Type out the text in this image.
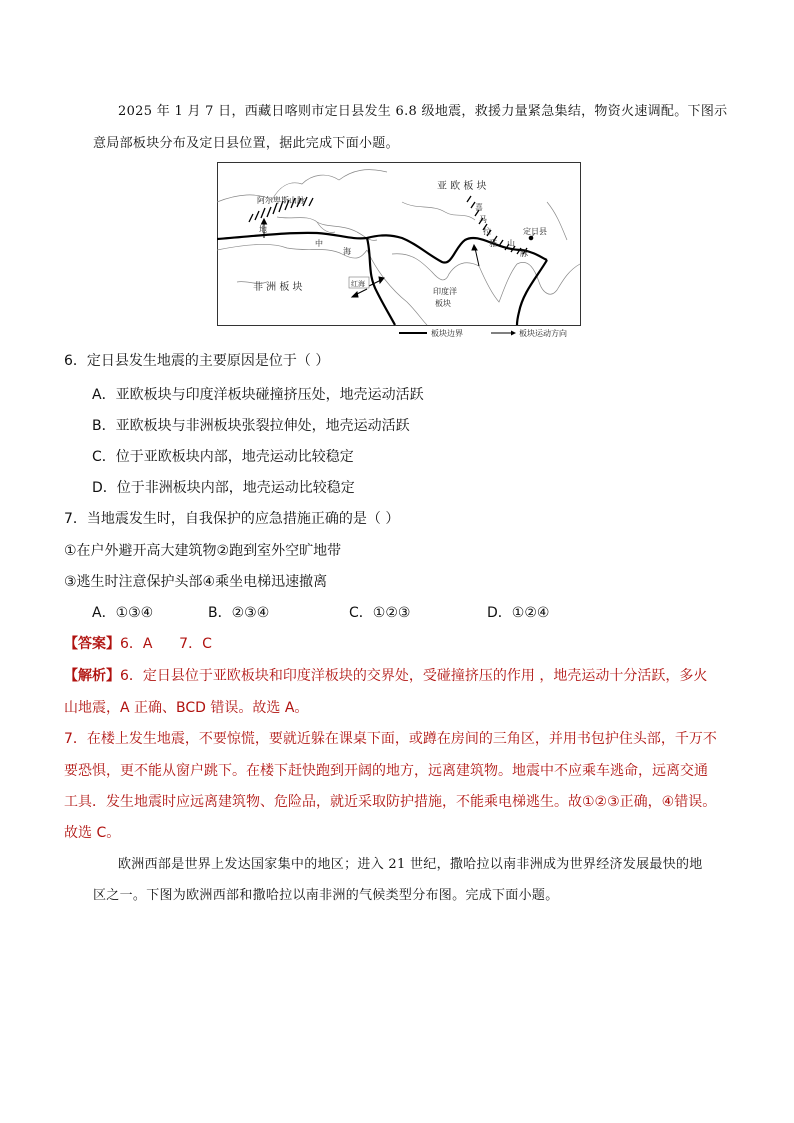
2025 年 1 月 7 日，西藏日喀则市定日县发生 6.8 级地震，救援力量紧急集结，物资火速调配。下图示
意局部板块分布及定日县位置，据此完成下面小题。
亚 欧 板 块
阿尔卑斯山脉
地
中
海
非 洲 板 块	红海
印度洋
板块
喜
马
拉
雅 山
脉
定日县
板块边界	板块运动方向
6．定日县发生地震的主要原因是位于（ ）
A．亚欧板块与印度洋板块碰撞挤压处，地壳运动活跃
B．亚欧板块与非洲板块张裂拉伸处，地壳运动活跃
C．位于亚欧板块内部，地壳运动比较稳定
D．位于非洲板块内部，地壳运动比较稳定
7．当地震发生时，自我保护的应急措施正确的是（ ）
①在户外避开高大建筑物②跑到室外空旷地带
③逃生时注意保护头部④乘坐电梯迅速撤离
A．①③④	B．②③④	C．①②③	D．①②④
【答案】6．A      7．C
【解析】6．定日县位于亚欧板块和印度洋板块的交界处，受碰撞挤压的作用 ，地壳运动十分活跃，多火
山地震，A 正确、BCD 错误。故选 A。
7．在楼上发生地震，不要惊慌，要就近躲在课桌下面，或蹲在房间的三角区，并用书包护住头部，千万不
要恐惧，更不能从窗户跳下。在楼下赶快跑到开阔的地方，远离建筑物。地震中不应乘车逃命，远离交通
工具．发生地震时应远离建筑物、危险品，就近采取防护措施，不能乘电梯逃生。故①②③正确，④错误。
故选 C。
欧洲西部是世界上发达国家集中的地区；进入 21 世纪，撒哈拉以南非洲成为世界经济发展最快的地
区之一。下图为欧洲西部和撒哈拉以南非洲的气候类型分布图。完成下面小题。
